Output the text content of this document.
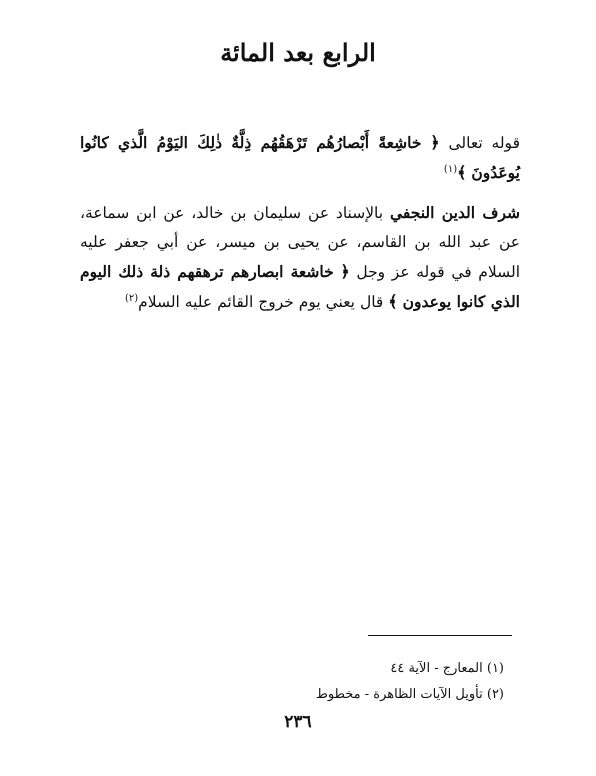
الرابع بعد المائة

قوله تعالى ﴿ خاشِعةً أَبْصارُهُم تَرْهَقُهُم ذِلَّةٌ ذٰلِكَ اليَوْمُ الَّذي كانُوا يُوعَدُونَ ﴾$^{(١)}$

شرف الدين النجفي بالإسناد عن سليمان بن خالد، عن ابن سماعة، عن عبد الله بن القاسم، عن يحيى بن ميسر، عن أبي جعفر عليه السلام في قوله عز وجل ﴿ خاشعة ابصارهم ترهقهم ذلة ذلك اليوم الذي كانوا يوعدون ﴾ قال يعني يوم خروج القائم عليه السلام$^{(٢)}$

(١) المعارج - الآية ٤٤
(٢) تأويل الآيات الظاهرة - مخطوط
٢٣٦
